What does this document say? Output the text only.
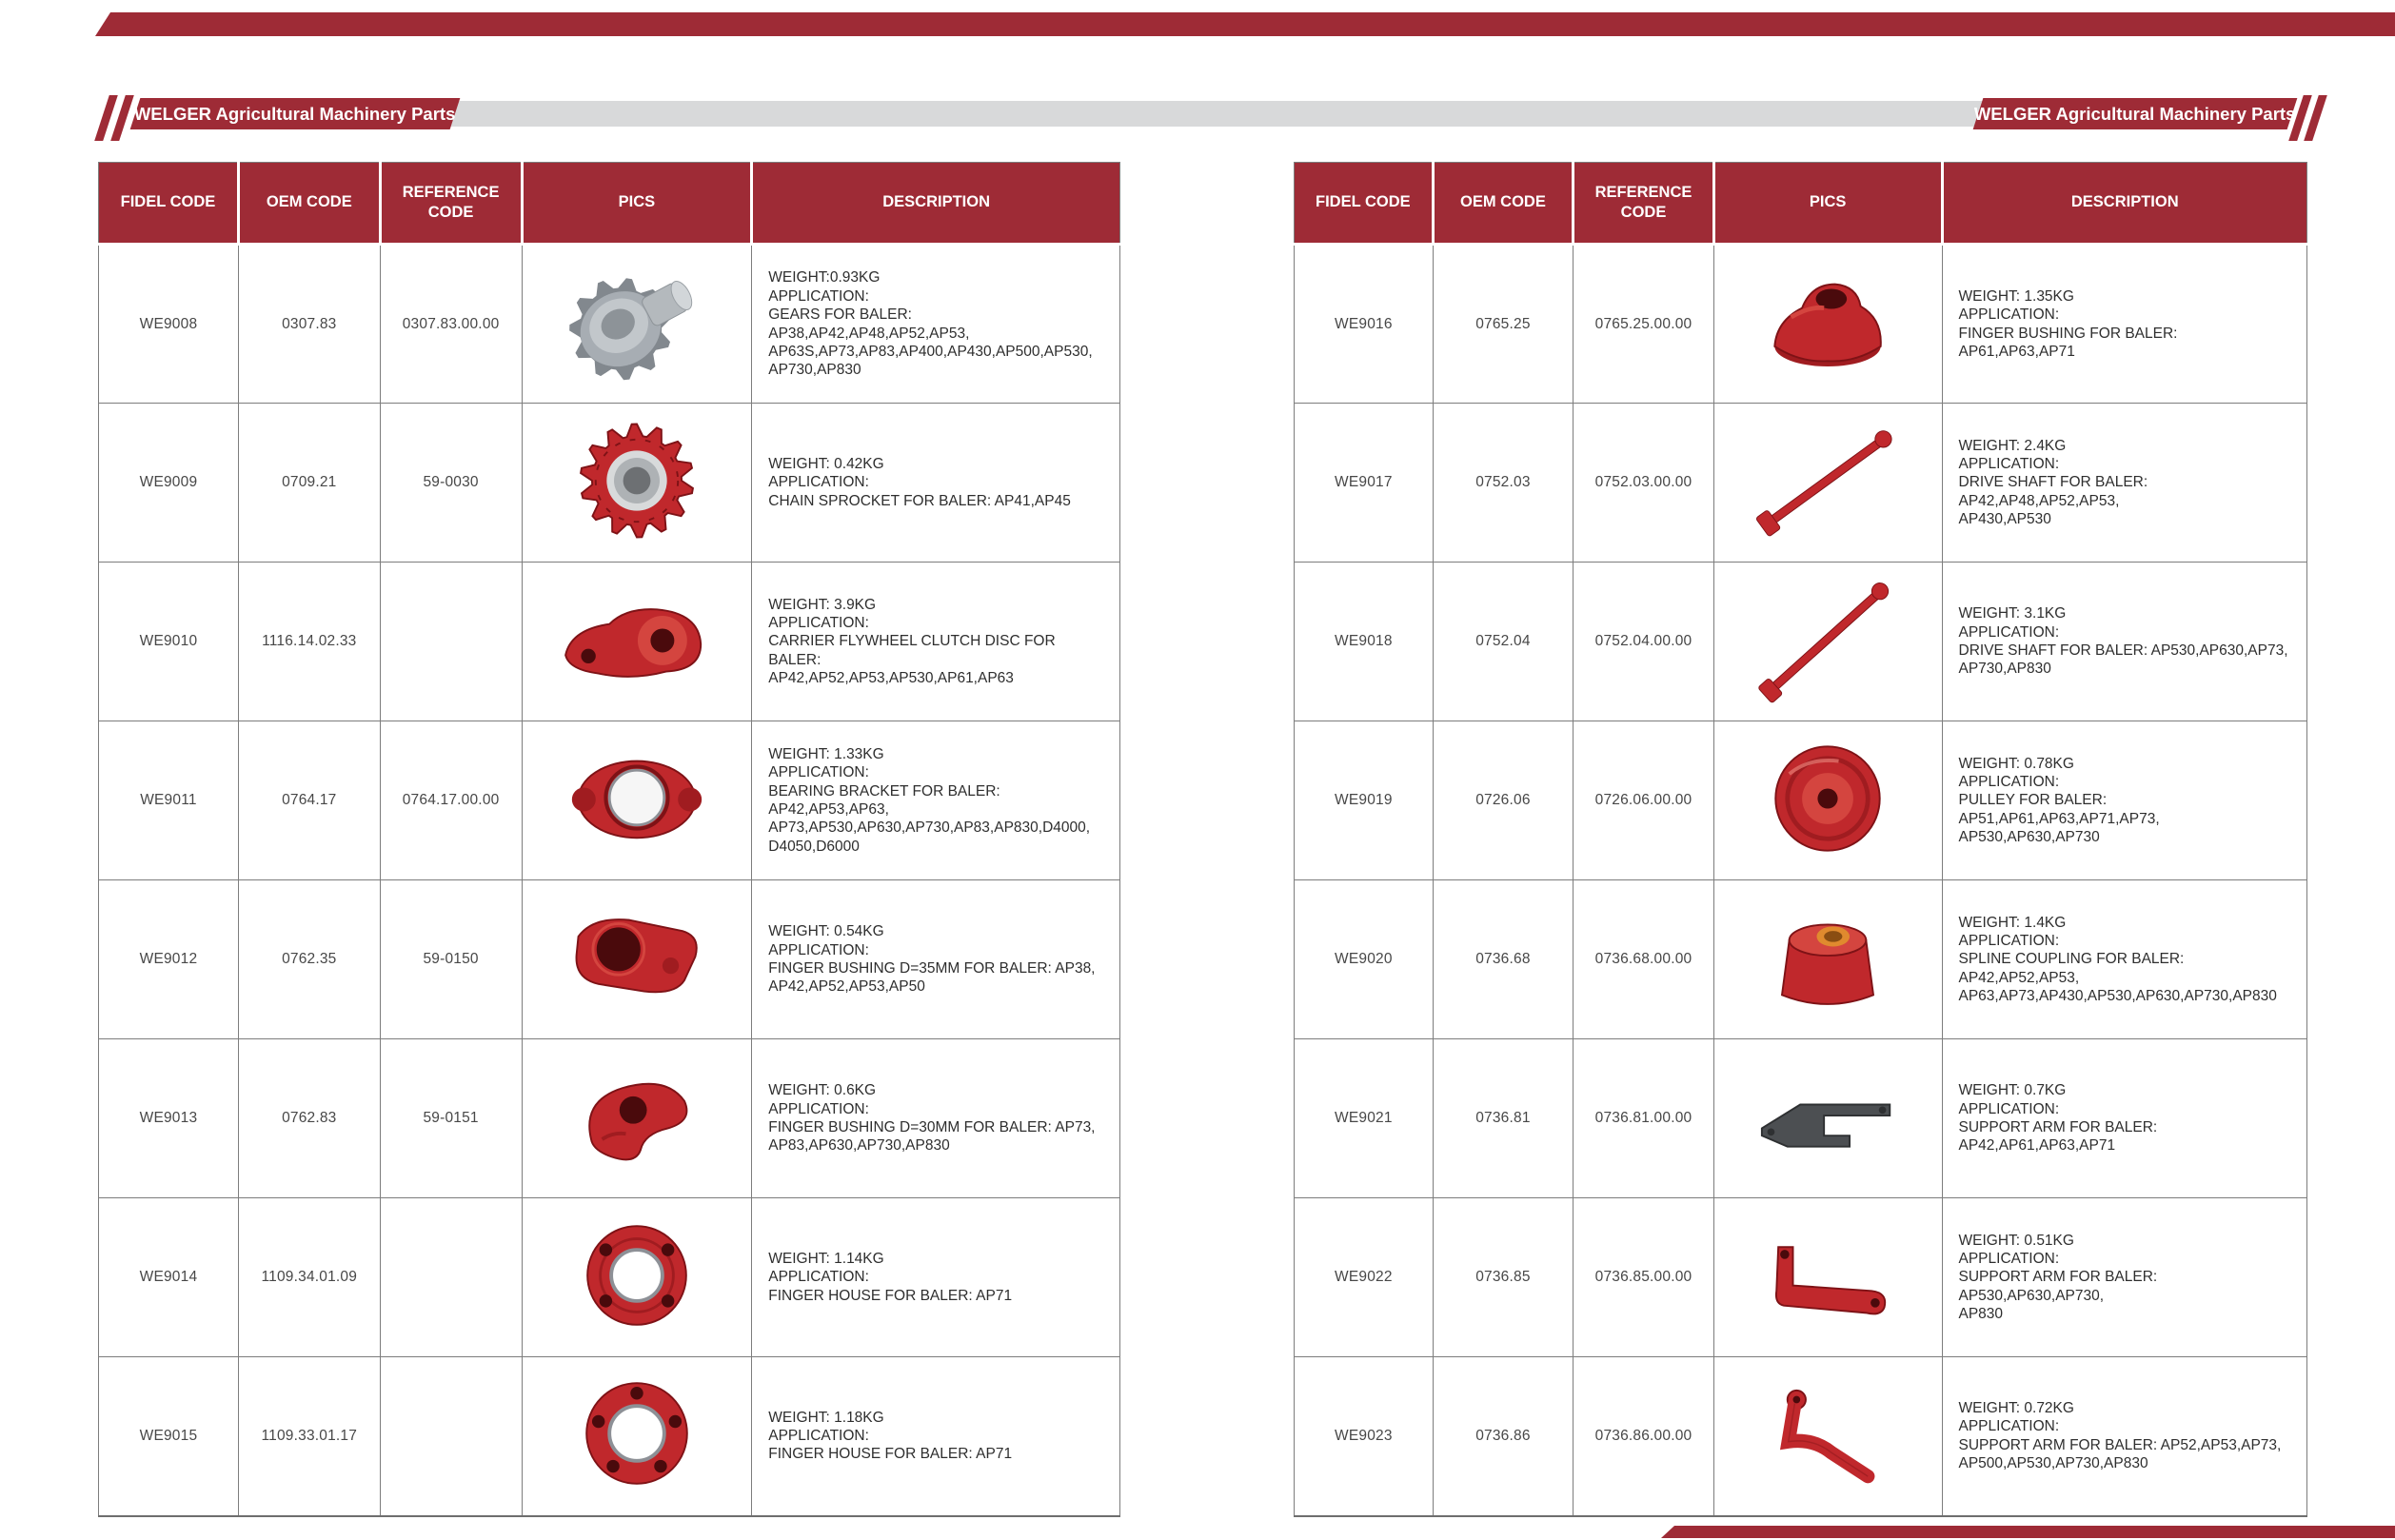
WELGER Agricultural Machinery Parts	WELGER Agricultural Machinery Parts
FIDEL CODE	OEM CODE	REFERENCE CODE	PICS	DESCRIPTION
WE9008	0307.83	0307.83.00.00		WEIGHT:0.93KG
APPLICATION:
GEARS FOR BALER: AP38,AP42,AP48,AP52,AP53,
AP63S,AP73,AP83,AP400,AP430,AP500,AP530,
AP730,AP830

WE9009	0709.21	59-0030		WEIGHT: 0.42KG
APPLICATION:
CHAIN SPROCKET FOR BALER: AP41,AP45

WE9010	1116.14.02.33			WEIGHT: 3.9KG
APPLICATION:
CARRIER FLYWHEEL CLUTCH DISC FOR BALER:
AP42,AP52,AP53,AP530,AP61,AP63

WE9011	0764.17	0764.17.00.00		WEIGHT: 1.33KG
APPLICATION:
BEARING BRACKET FOR BALER: AP42,AP53,AP63,
AP73,AP530,AP630,AP730,AP83,AP830,D4000,
D4050,D6000

WE9012	0762.35	59-0150		WEIGHT: 0.54KG
APPLICATION:
FINGER BUSHING D=35MM FOR BALER: AP38,
AP42,AP52,AP53,AP50

WE9013	0762.83	59-0151		WEIGHT: 0.6KG
APPLICATION:
FINGER BUSHING D=30MM FOR BALER: AP73,
AP83,AP630,AP730,AP830

WE9014	1109.34.01.09			WEIGHT: 1.14KG
APPLICATION:
FINGER HOUSE FOR BALER: AP71

WE9015	1109.33.01.17			WEIGHT: 1.18KG
APPLICATION:
FINGER HOUSE FOR BALER: AP71
FIDEL CODE	OEM CODE	REFERENCE CODE	PICS	DESCRIPTION
WE9016	0765.25	0765.25.00.00		WEIGHT: 1.35KG
APPLICATION:
FINGER BUSHING FOR BALER: AP61,AP63,AP71

WE9017	0752.03	0752.03.00.00		WEIGHT: 2.4KG
APPLICATION:
DRIVE SHAFT FOR BALER: AP42,AP48,AP52,AP53,
AP430,AP530

WE9018	0752.04	0752.04.00.00		WEIGHT: 3.1KG
APPLICATION:
DRIVE SHAFT FOR BALER: AP530,AP630,AP73,
AP730,AP830

WE9019	0726.06	0726.06.00.00		WEIGHT: 0.78KG
APPLICATION:
PULLEY FOR BALER: AP51,AP61,AP63,AP71,AP73,
AP530,AP630,AP730

WE9020	0736.68	0736.68.00.00		WEIGHT: 1.4KG
APPLICATION:
SPLINE COUPLING FOR BALER: AP42,AP52,AP53,
AP63,AP73,AP430,AP530,AP630,AP730,AP830

WE9021	0736.81	0736.81.00.00		WEIGHT: 0.7KG
APPLICATION:
SUPPORT ARM FOR BALER: AP42,AP61,AP63,AP71

WE9022	0736.85	0736.85.00.00		WEIGHT: 0.51KG
APPLICATION:
SUPPORT ARM FOR BALER: AP530,AP630,AP730,
AP830

WE9023	0736.86	0736.86.00.00		WEIGHT: 0.72KG
APPLICATION:
SUPPORT ARM FOR BALER: AP52,AP53,AP73,
AP500,AP530,AP730,AP830
